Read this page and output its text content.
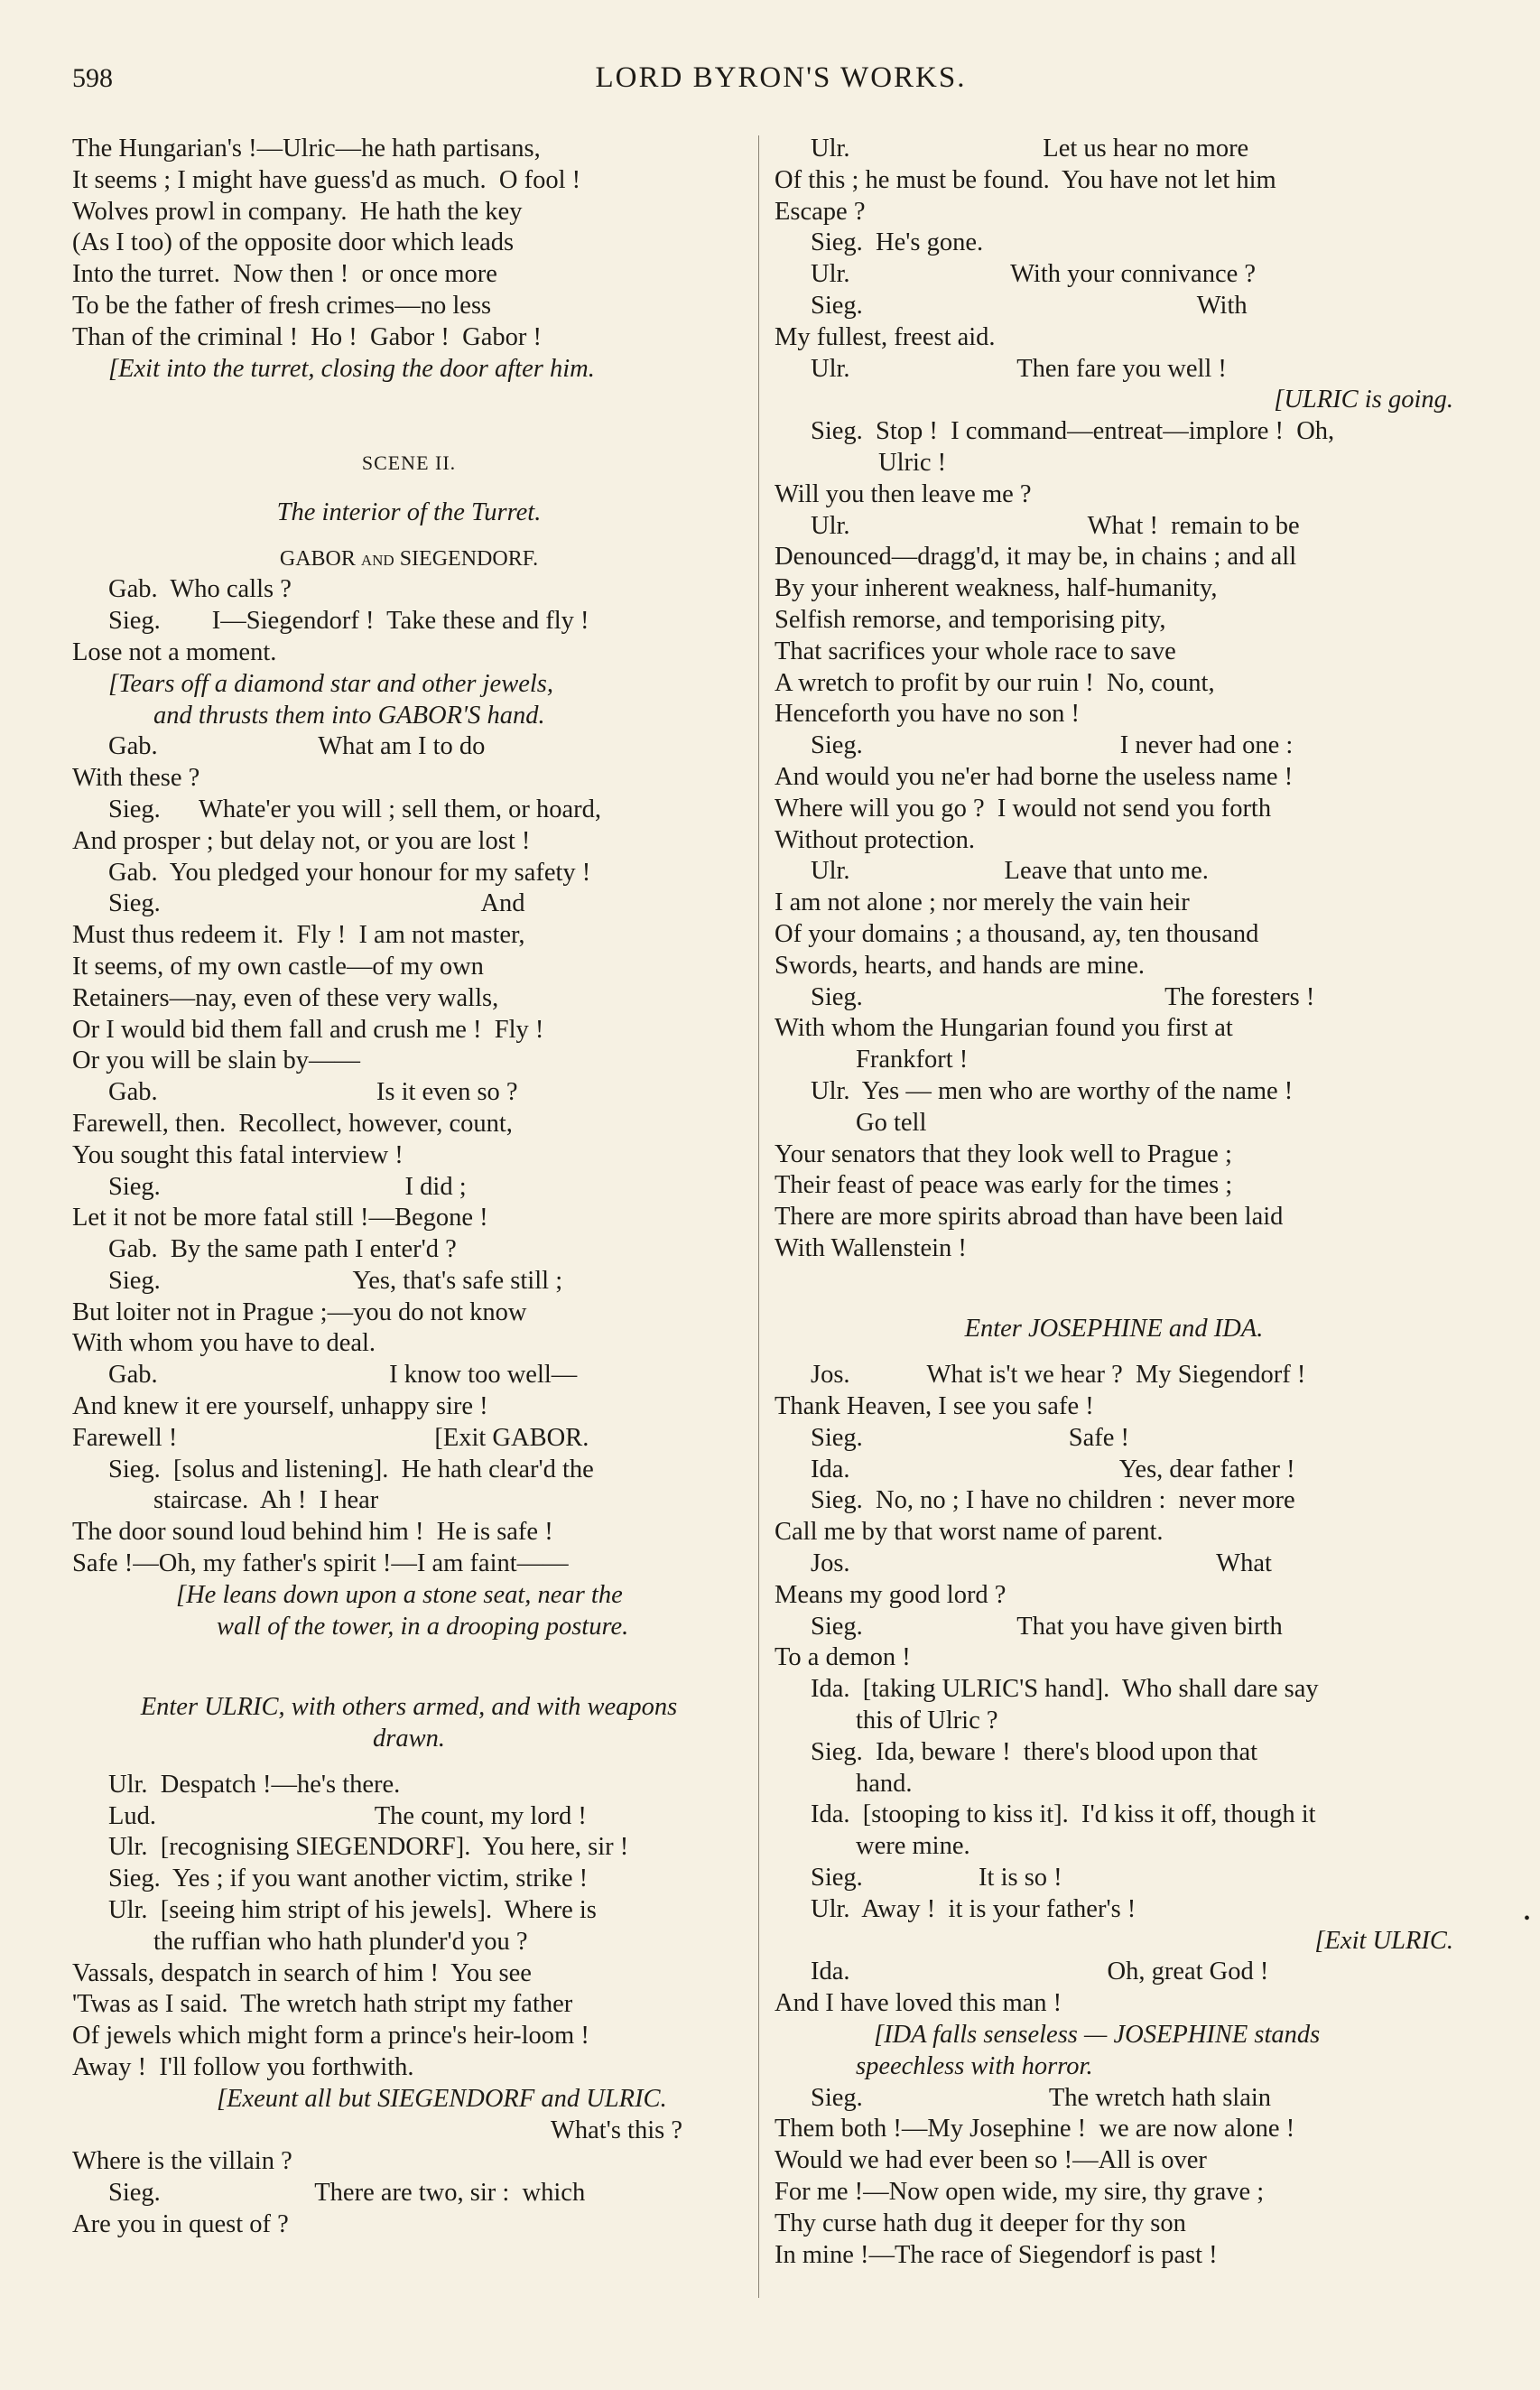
598	LORD BYRON'S WORKS.
The Hungarian's !—Ulric—he hath partisans,
It seems ; I might have guess'd as much.  O fool !
Wolves prowl in company.  He hath the key
(As I too) of the opposite door which leads
Into the turret.  Now then !  or once more
To be the father of fresh crimes—no less
Than of the criminal !  Ho !  Gabor !  Gabor !
[Exit into the turret, closing the door after him.
SCENE II.
The interior of the Turret.
GABOR and SIEGENDORF.
Gab.  Who calls ?
Sieg.        I—Siegendorf !  Take these and fly !
Lose not a moment.
[Tears off a diamond star and other jewels,
and thrusts them into GABOR'S hand.
Gab.                         What am I to do
With these ?
Sieg.      Whate'er you will ; sell them, or hoard,
And prosper ; but delay not, or you are lost !
Gab.  You pledged your honour for my safety !
Sieg.                                                  And
Must thus redeem it.  Fly !  I am not master,
It seems, of my own castle—of my own
Retainers—nay, even of these very walls,
Or I would bid them fall and crush me !  Fly !
Or you will be slain by——
Gab.                                  Is it even so ?
Farewell, then.  Recollect, however, count,
You sought this fatal interview !
Sieg.                                      I did ;
Let it not be more fatal still !—Begone !
Gab.  By the same path I enter'd ?
Sieg.                              Yes, that's safe still ;
But loiter not in Prague ;—you do not know
With whom you have to deal.
Gab.                                    I know too well—
And knew it ere yourself, unhappy sire !
Farewell !                                        [Exit GABOR.
Sieg.  [solus and listening].  He hath clear'd the
staircase.  Ah !  I hear
The door sound loud behind him !  He is safe !
Safe !—Oh, my father's spirit !—I am faint——
[He leans down upon a stone seat, near the
wall of the tower, in a drooping posture.
Enter ULRIC, with others armed, and with weapons
drawn.
Ulr.  Despatch !—he's there.
Lud.                                  The count, my lord !
Ulr.  [recognising SIEGENDORF].  You here, sir !
Sieg.  Yes ; if you want another victim, strike !
Ulr.  [seeing him stript of his jewels].  Where is
the ruffian who hath plunder'd you ?
Vassals, despatch in search of him !  You see
'Twas as I said.  The wretch hath stript my father
Of jewels which might form a prince's heir-loom !
Away !  I'll follow you forthwith.
[Exeunt all but SIEGENDORF and ULRIC.
What's this ?
Where is the villain ?
Sieg.                        There are two, sir :  which
Are you in quest of ?
Ulr.                              Let us hear no more
Of this ; he must be found.  You have not let him
Escape ?
Sieg.  He's gone.
Ulr.                         With your connivance ?
Sieg.                                                    With
My fullest, freest aid.
Ulr.                          Then fare you well !
[ULRIC is going.
Sieg.  Stop !  I command—entreat—implore !  Oh,
Ulric !
Will you then leave me ?
Ulr.                                     What !  remain to be
Denounced—dragg'd, it may be, in chains ; and all
By your inherent weakness, half-humanity,
Selfish remorse, and temporising pity,
That sacrifices your whole race to save
A wretch to profit by our ruin !  No, count,
Henceforth you have no son !
Sieg.                                        I never had one :
And would you ne'er had borne the useless name !
Where will you go ?  I would not send you forth
Without protection.
Ulr.                        Leave that unto me.
I am not alone ; nor merely the vain heir
Of your domains ; a thousand, ay, ten thousand
Swords, hearts, and hands are mine.
Sieg.                                               The foresters !
With whom the Hungarian found you first at
Frankfort !
Ulr.  Yes — men who are worthy of the name !
Go tell
Your senators that they look well to Prague ;
Their feast of peace was early for the times ;
There are more spirits abroad than have been laid
With Wallenstein !
Enter JOSEPHINE and IDA.
Jos.            What is't we hear ?  My Siegendorf !
Thank Heaven, I see you safe !
Sieg.                                Safe !
Ida.                                          Yes, dear father !
Sieg.  No, no ; I have no children :  never more
Call me by that worst name of parent.
Jos.                                                         What
Means my good lord ?
Sieg.                        That you have given birth
To a demon !
Ida.  [taking ULRIC'S hand].  Who shall dare say
this of Ulric ?
Sieg.  Ida, beware !  there's blood upon that
hand.
Ida.  [stooping to kiss it].  I'd kiss it off, though it
were mine.
Sieg.                  It is so !
Ulr.  Away !  it is your father's !
[Exit ULRIC.
Ida.                                        Oh, great God !
And I have loved this man !
[IDA falls senseless — JOSEPHINE stands
speechless with horror.
Sieg.                             The wretch hath slain
Them both !—My Josephine !  we are now alone !
Would we had ever been so !—All is over
For me !—Now open wide, my sire, thy grave ;
Thy curse hath dug it deeper for thy son
In mine !—The race of Siegendorf is past !
•
